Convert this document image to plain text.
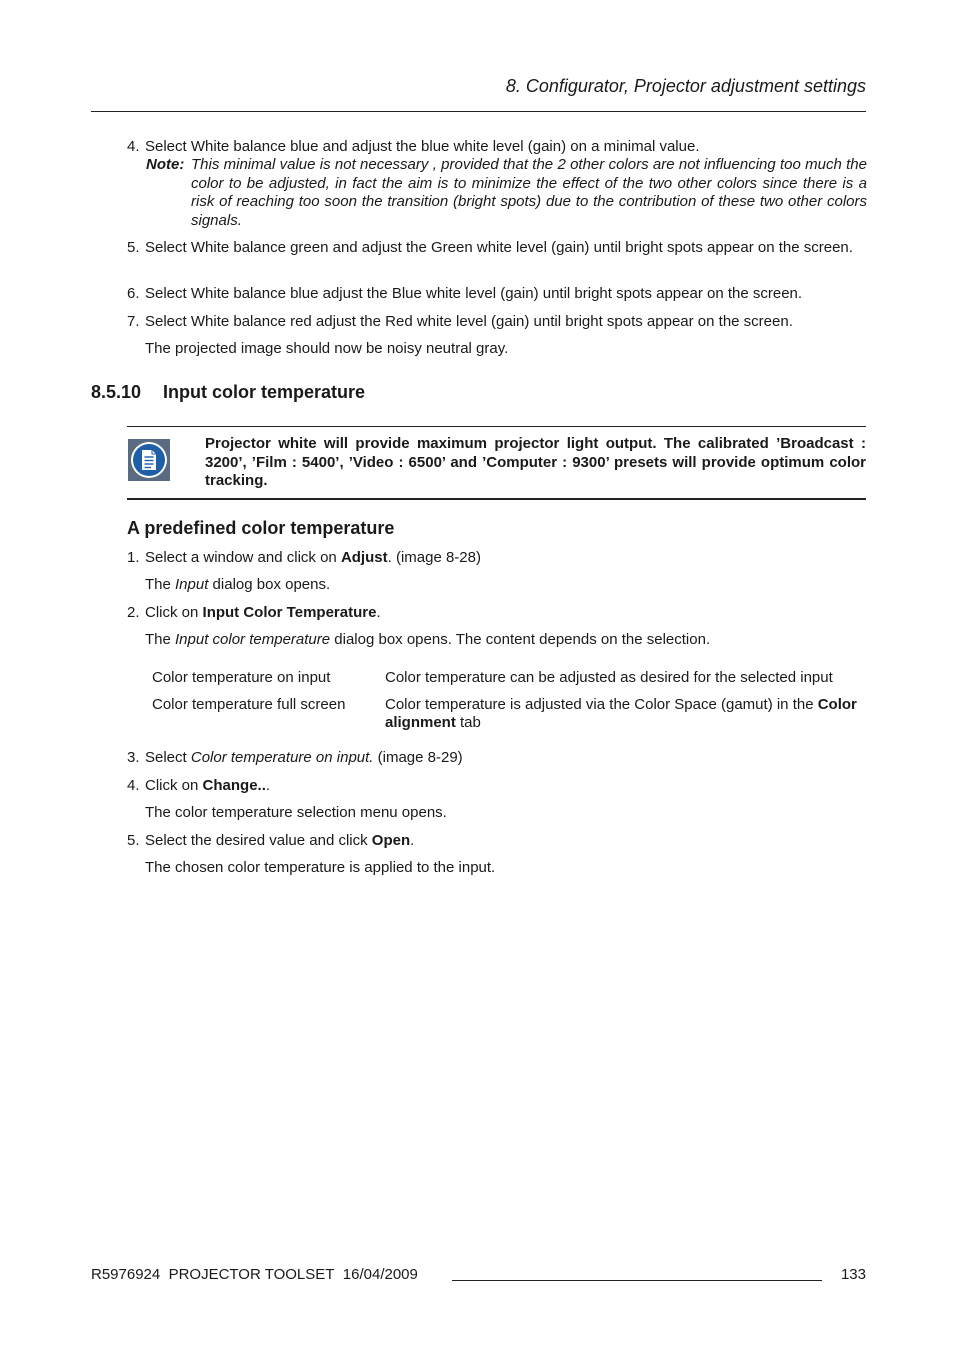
8. Configurator, Projector adjustment settings
4. Select White balance blue and adjust the blue white level (gain) on a minimal value.
Note: This minimal value is not necessary , provided that the 2 other colors are not influencing too much the color to be adjusted, in fact the aim is to minimize the effect of the two other colors since there is a risk of reaching too soon the transition (bright spots) due to the contribution of these two other colors signals.
5. Select White balance green and adjust the Green white level (gain) until bright spots appear on the screen.
6. Select White balance blue adjust the Blue white level (gain) until bright spots appear on the screen.
7. Select White balance red adjust the Red white level (gain) until bright spots appear on the screen.
The projected image should now be noisy neutral gray.
8.5.10 Input color temperature
Projector white will provide maximum projector light output. The calibrated ’Broadcast : 3200’, ’Film : 5400’, ’Video : 6500’ and ’Computer : 9300’ presets will provide optimum color tracking.
A predefined color temperature
1. Select a window and click on Adjust. (image 8-28)
The Input dialog box opens.
2. Click on Input Color Temperature.
The Input color temperature dialog box opens. The content depends on the selection.
Color temperature on input	Color temperature can be adjusted as desired for the selected input
Color temperature full screen	Color temperature is adjusted via the Color Space (gamut) in the Color alignment tab
3. Select Color temperature on input. (image 8-29)
4. Click on Change...
The color temperature selection menu opens.
5. Select the desired value and click Open.
The chosen color temperature is applied to the input.
R5976924 PROJECTOR TOOLSET 16/04/2009	133
